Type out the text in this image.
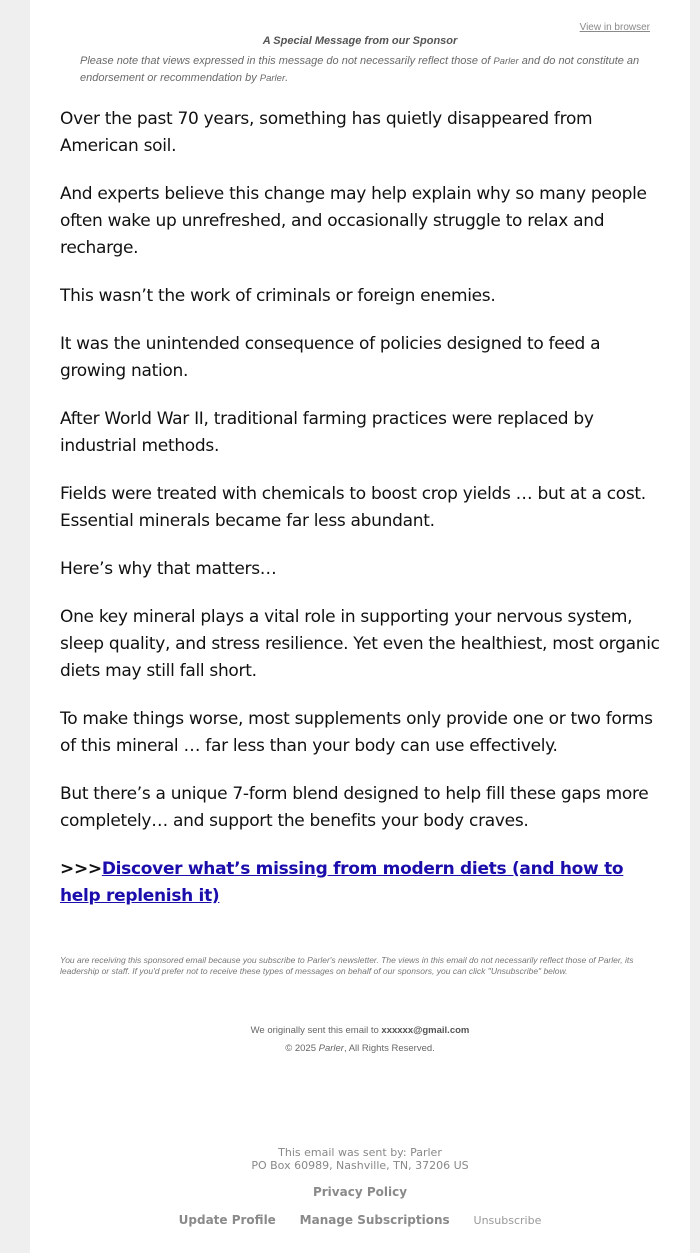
View in browser
A Special Message from our Sponsor
Please note that views expressed in this message do not necessarily reflect those of Parler and do not constitute an endorsement or recommendation by Parler.

Over the past 70 years, something has quietly disappeared from American soil.

And experts believe this change may help explain why so many people often wake up unrefreshed, and occasionally struggle to relax and recharge.

This wasn’t the work of criminals or foreign enemies.

It was the unintended consequence of policies designed to feed a growing nation.

After World War II, traditional farming practices were replaced by industrial methods.

Fields were treated with chemicals to boost crop yields … but at a cost. Essential minerals became far less abundant.

Here’s why that matters…

One key mineral plays a vital role in supporting your nervous system, sleep quality, and stress resilience. Yet even the healthiest, most organic diets may still fall short.

To make things worse, most supplements only provide one or two forms of this mineral … far less than your body can use effectively.

But there’s a unique 7-form blend designed to help fill these gaps more completely… and support the benefits your body craves.

>>>Discover what’s missing from modern diets (and how to help replenish it)

You are receiving this sponsored email because you subscribe to Parler's newsletter. The views in this email do not necessarily reflect those of Parler, its leadership or staff. If you'd prefer not to receive these types of messages on behalf of our sponsors, you can click "Unsubscribe" below.
We originally sent this email to xxxxxx@gmail.com
© 2025 Parler, All Rights Reserved.
This email was sent by: Parler
PO Box 60989, Nashville, TN, 37206 US
Privacy Policy
Update Profile Manage Subscriptions Unsubscribe
